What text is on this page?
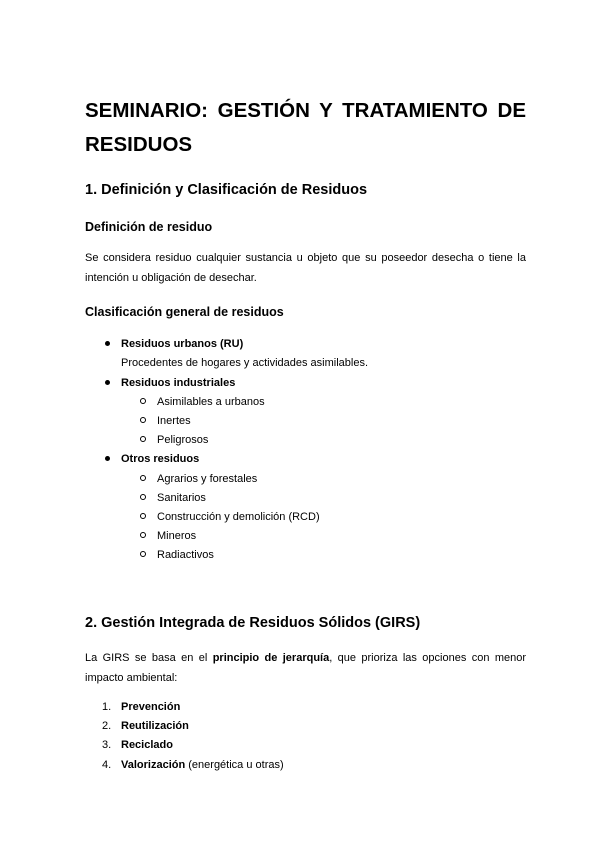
SEMINARIO: GESTIÓN Y TRATAMIENTO DE RESIDUOS
1. Definición y Clasificación de Residuos
Definición de residuo
Se considera residuo cualquier sustancia u objeto que su poseedor desecha o tiene la intención u obligación de desechar.
Clasificación general de residuos
Residuos urbanos (RU)
Procedentes de hogares y actividades asimilables.
Residuos industriales
Asimilables a urbanos
Inertes
Peligrosos
Otros residuos
Agrarios y forestales
Sanitarios
Construcción y demolición (RCD)
Mineros
Radiactivos
2. Gestión Integrada de Residuos Sólidos (GIRS)
La GIRS se basa en el principio de jerarquía, que prioriza las opciones con menor impacto ambiental:
1. Prevención
2. Reutilización
3. Reciclado
4. Valorización (energética u otras)
